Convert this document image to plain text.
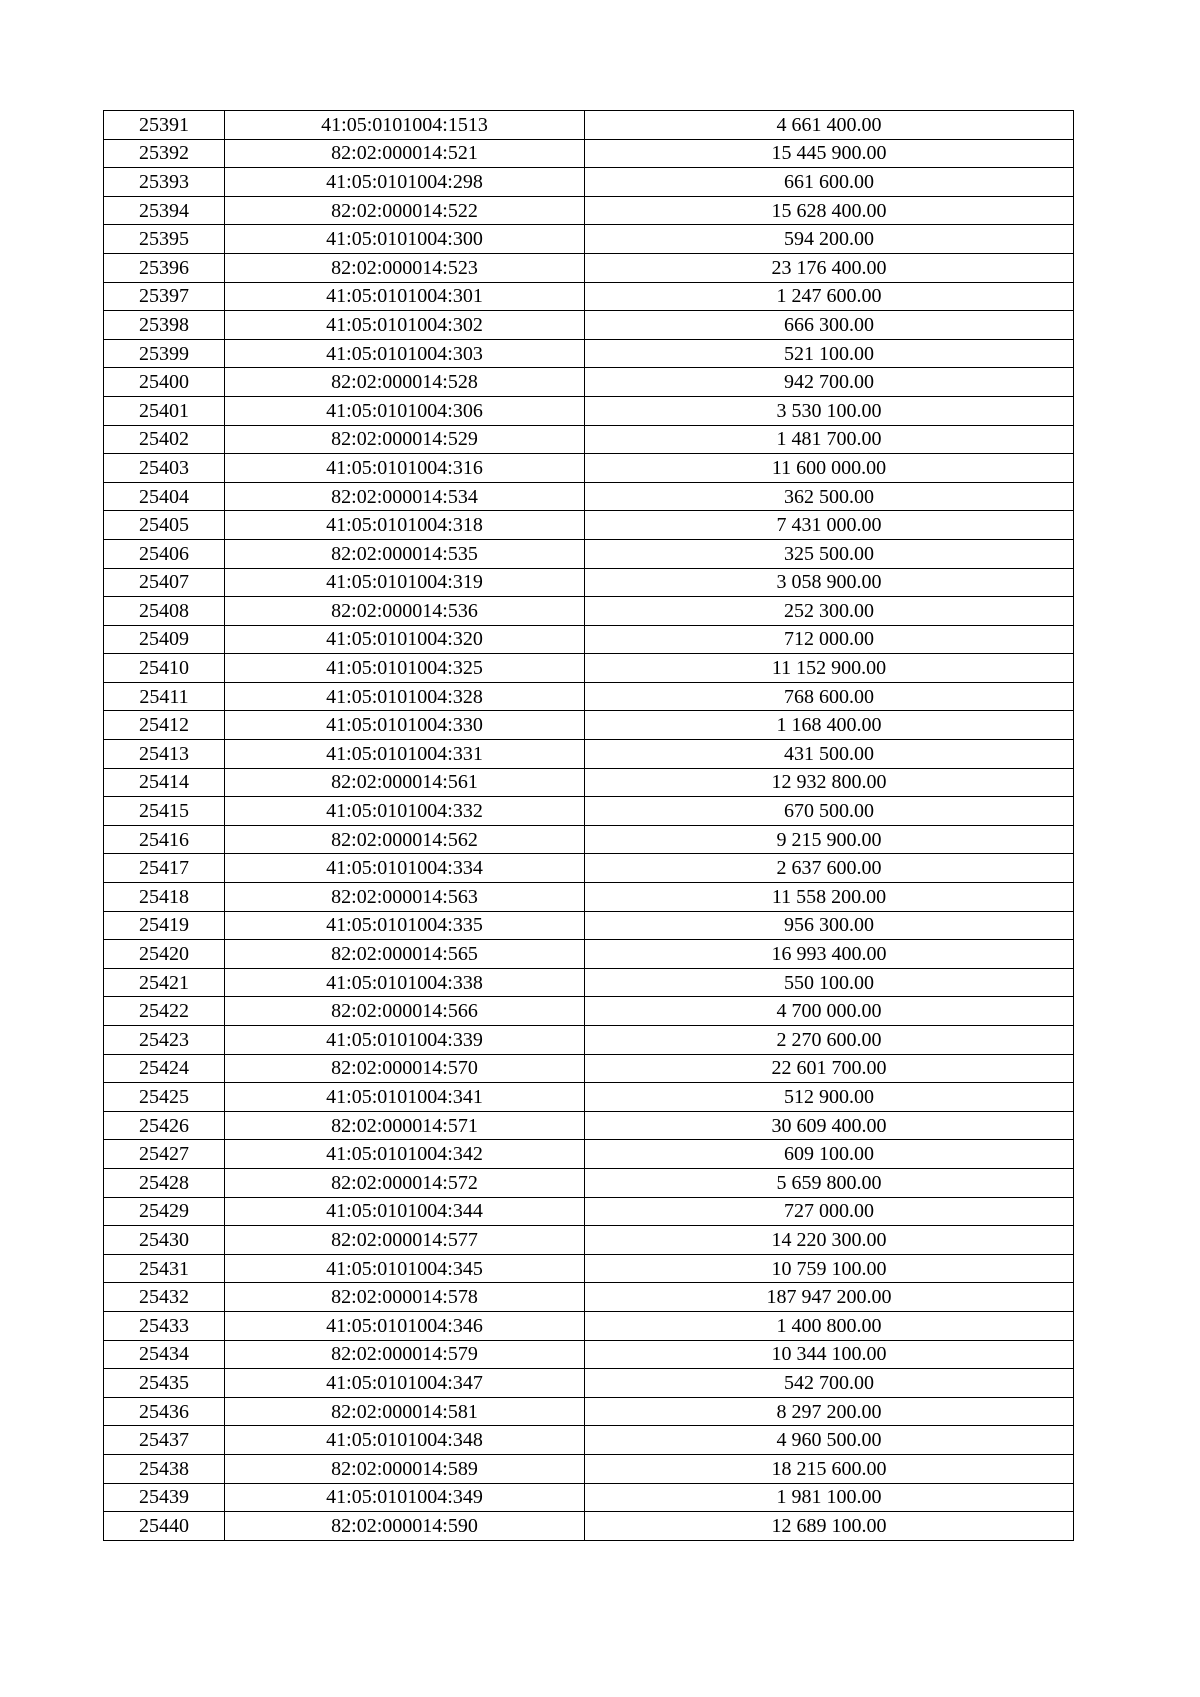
25391	41:05:0101004:1513	4 661 400.00
25392	82:02:000014:521	15 445 900.00
25393	41:05:0101004:298	661 600.00
25394	82:02:000014:522	15 628 400.00
25395	41:05:0101004:300	594 200.00
25396	82:02:000014:523	23 176 400.00
25397	41:05:0101004:301	1 247 600.00
25398	41:05:0101004:302	666 300.00
25399	41:05:0101004:303	521 100.00
25400	82:02:000014:528	942 700.00
25401	41:05:0101004:306	3 530 100.00
25402	82:02:000014:529	1 481 700.00
25403	41:05:0101004:316	11 600 000.00
25404	82:02:000014:534	362 500.00
25405	41:05:0101004:318	7 431 000.00
25406	82:02:000014:535	325 500.00
25407	41:05:0101004:319	3 058 900.00
25408	82:02:000014:536	252 300.00
25409	41:05:0101004:320	712 000.00
25410	41:05:0101004:325	11 152 900.00
25411	41:05:0101004:328	768 600.00
25412	41:05:0101004:330	1 168 400.00
25413	41:05:0101004:331	431 500.00
25414	82:02:000014:561	12 932 800.00
25415	41:05:0101004:332	670 500.00
25416	82:02:000014:562	9 215 900.00
25417	41:05:0101004:334	2 637 600.00
25418	82:02:000014:563	11 558 200.00
25419	41:05:0101004:335	956 300.00
25420	82:02:000014:565	16 993 400.00
25421	41:05:0101004:338	550 100.00
25422	82:02:000014:566	4 700 000.00
25423	41:05:0101004:339	2 270 600.00
25424	82:02:000014:570	22 601 700.00
25425	41:05:0101004:341	512 900.00
25426	82:02:000014:571	30 609 400.00
25427	41:05:0101004:342	609 100.00
25428	82:02:000014:572	5 659 800.00
25429	41:05:0101004:344	727 000.00
25430	82:02:000014:577	14 220 300.00
25431	41:05:0101004:345	10 759 100.00
25432	82:02:000014:578	187 947 200.00
25433	41:05:0101004:346	1 400 800.00
25434	82:02:000014:579	10 344 100.00
25435	41:05:0101004:347	542 700.00
25436	82:02:000014:581	8 297 200.00
25437	41:05:0101004:348	4 960 500.00
25438	82:02:000014:589	18 215 600.00
25439	41:05:0101004:349	1 981 100.00
25440	82:02:000014:590	12 689 100.00
